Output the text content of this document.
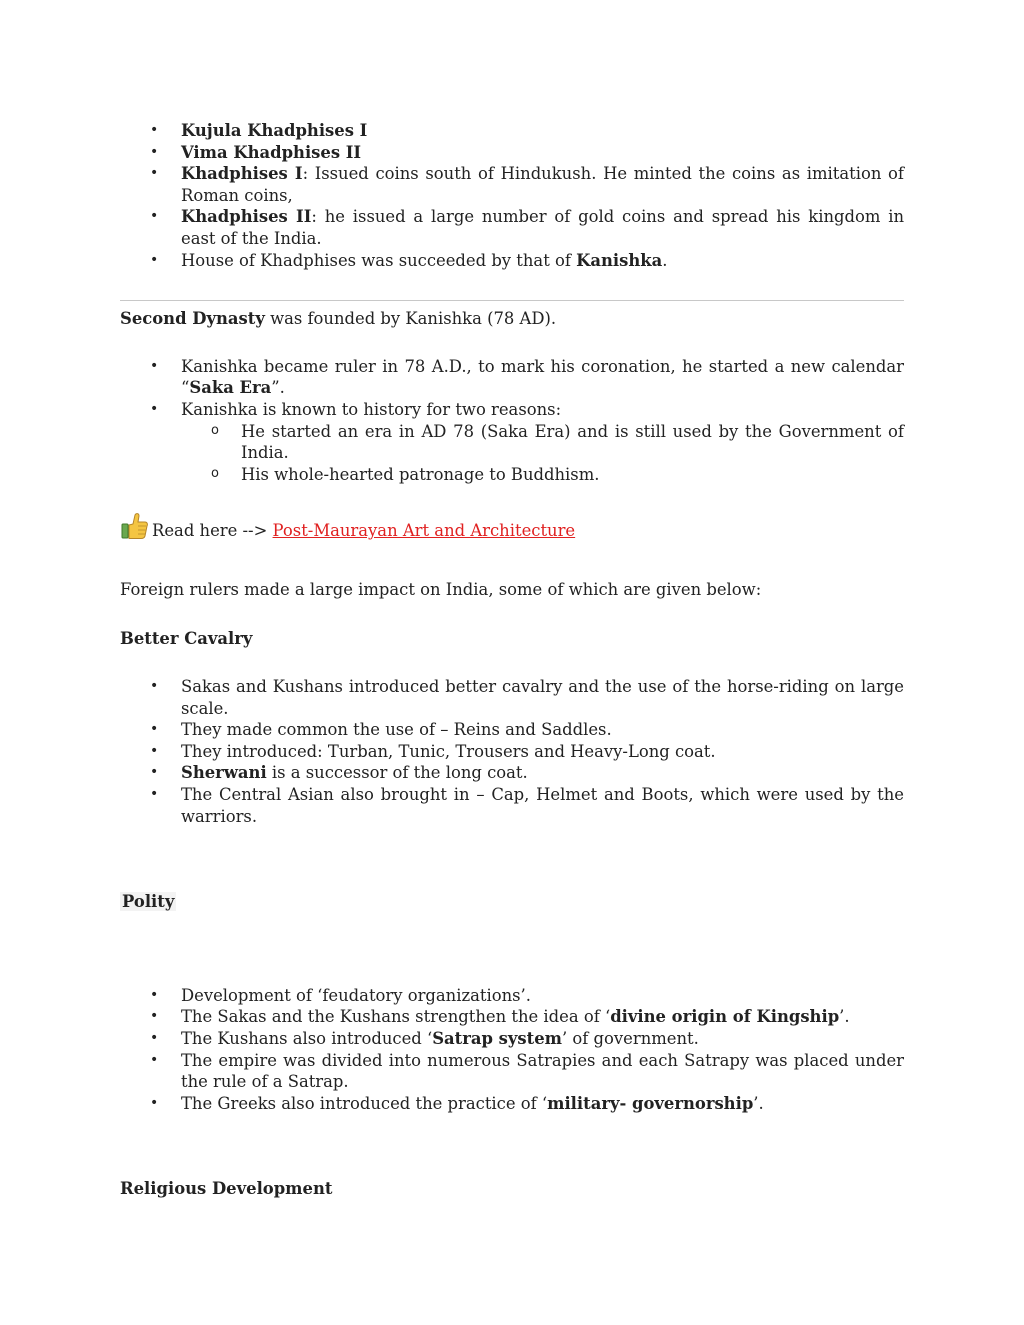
• Kujula Khadphises I
• Vima Khadphises II
• Khadphises I: Issued coins south of Hindukush. He minted the coins as imitation of Roman coins,
• Khadphises II: he issued a large number of gold coins and spread his kingdom in east of the India.
• House of Khadphises was succeeded by that of Kanishka.

Second Dynasty was founded by Kanishka (78 AD).

• Kanishka became ruler in 78 A.D., to mark his coronation, he started a new calendar “Saka Era”.
• Kanishka is known to history for two reasons:
o He started an era in AD 78 (Saka Era) and is still used by the Government of India.
o His whole-hearted patronage to Buddhism.

Read here --> Post-Maurayan Art and Architecture

Foreign rulers made a large impact on India, some of which are given below:

Better Cavalry

• Sakas and Kushans introduced better cavalry and the use of the horse-riding on large scale.
• They made common the use of – Reins and Saddles.
• They introduced: Turban, Tunic, Trousers and Heavy-Long coat.
• Sherwani is a successor of the long coat.
• The Central Asian also brought in – Cap, Helmet and Boots, which were used by the warriors.

Polity

• Development of ‘feudatory organizations’.
• The Sakas and the Kushans strengthen the idea of ‘divine origin of Kingship’.
• The Kushans also introduced ‘Satrap system’ of government.
• The empire was divided into numerous Satrapies and each Satrapy was placed under the rule of a Satrap.
• The Greeks also introduced the practice of ‘military- governorship’.

Religious Development
